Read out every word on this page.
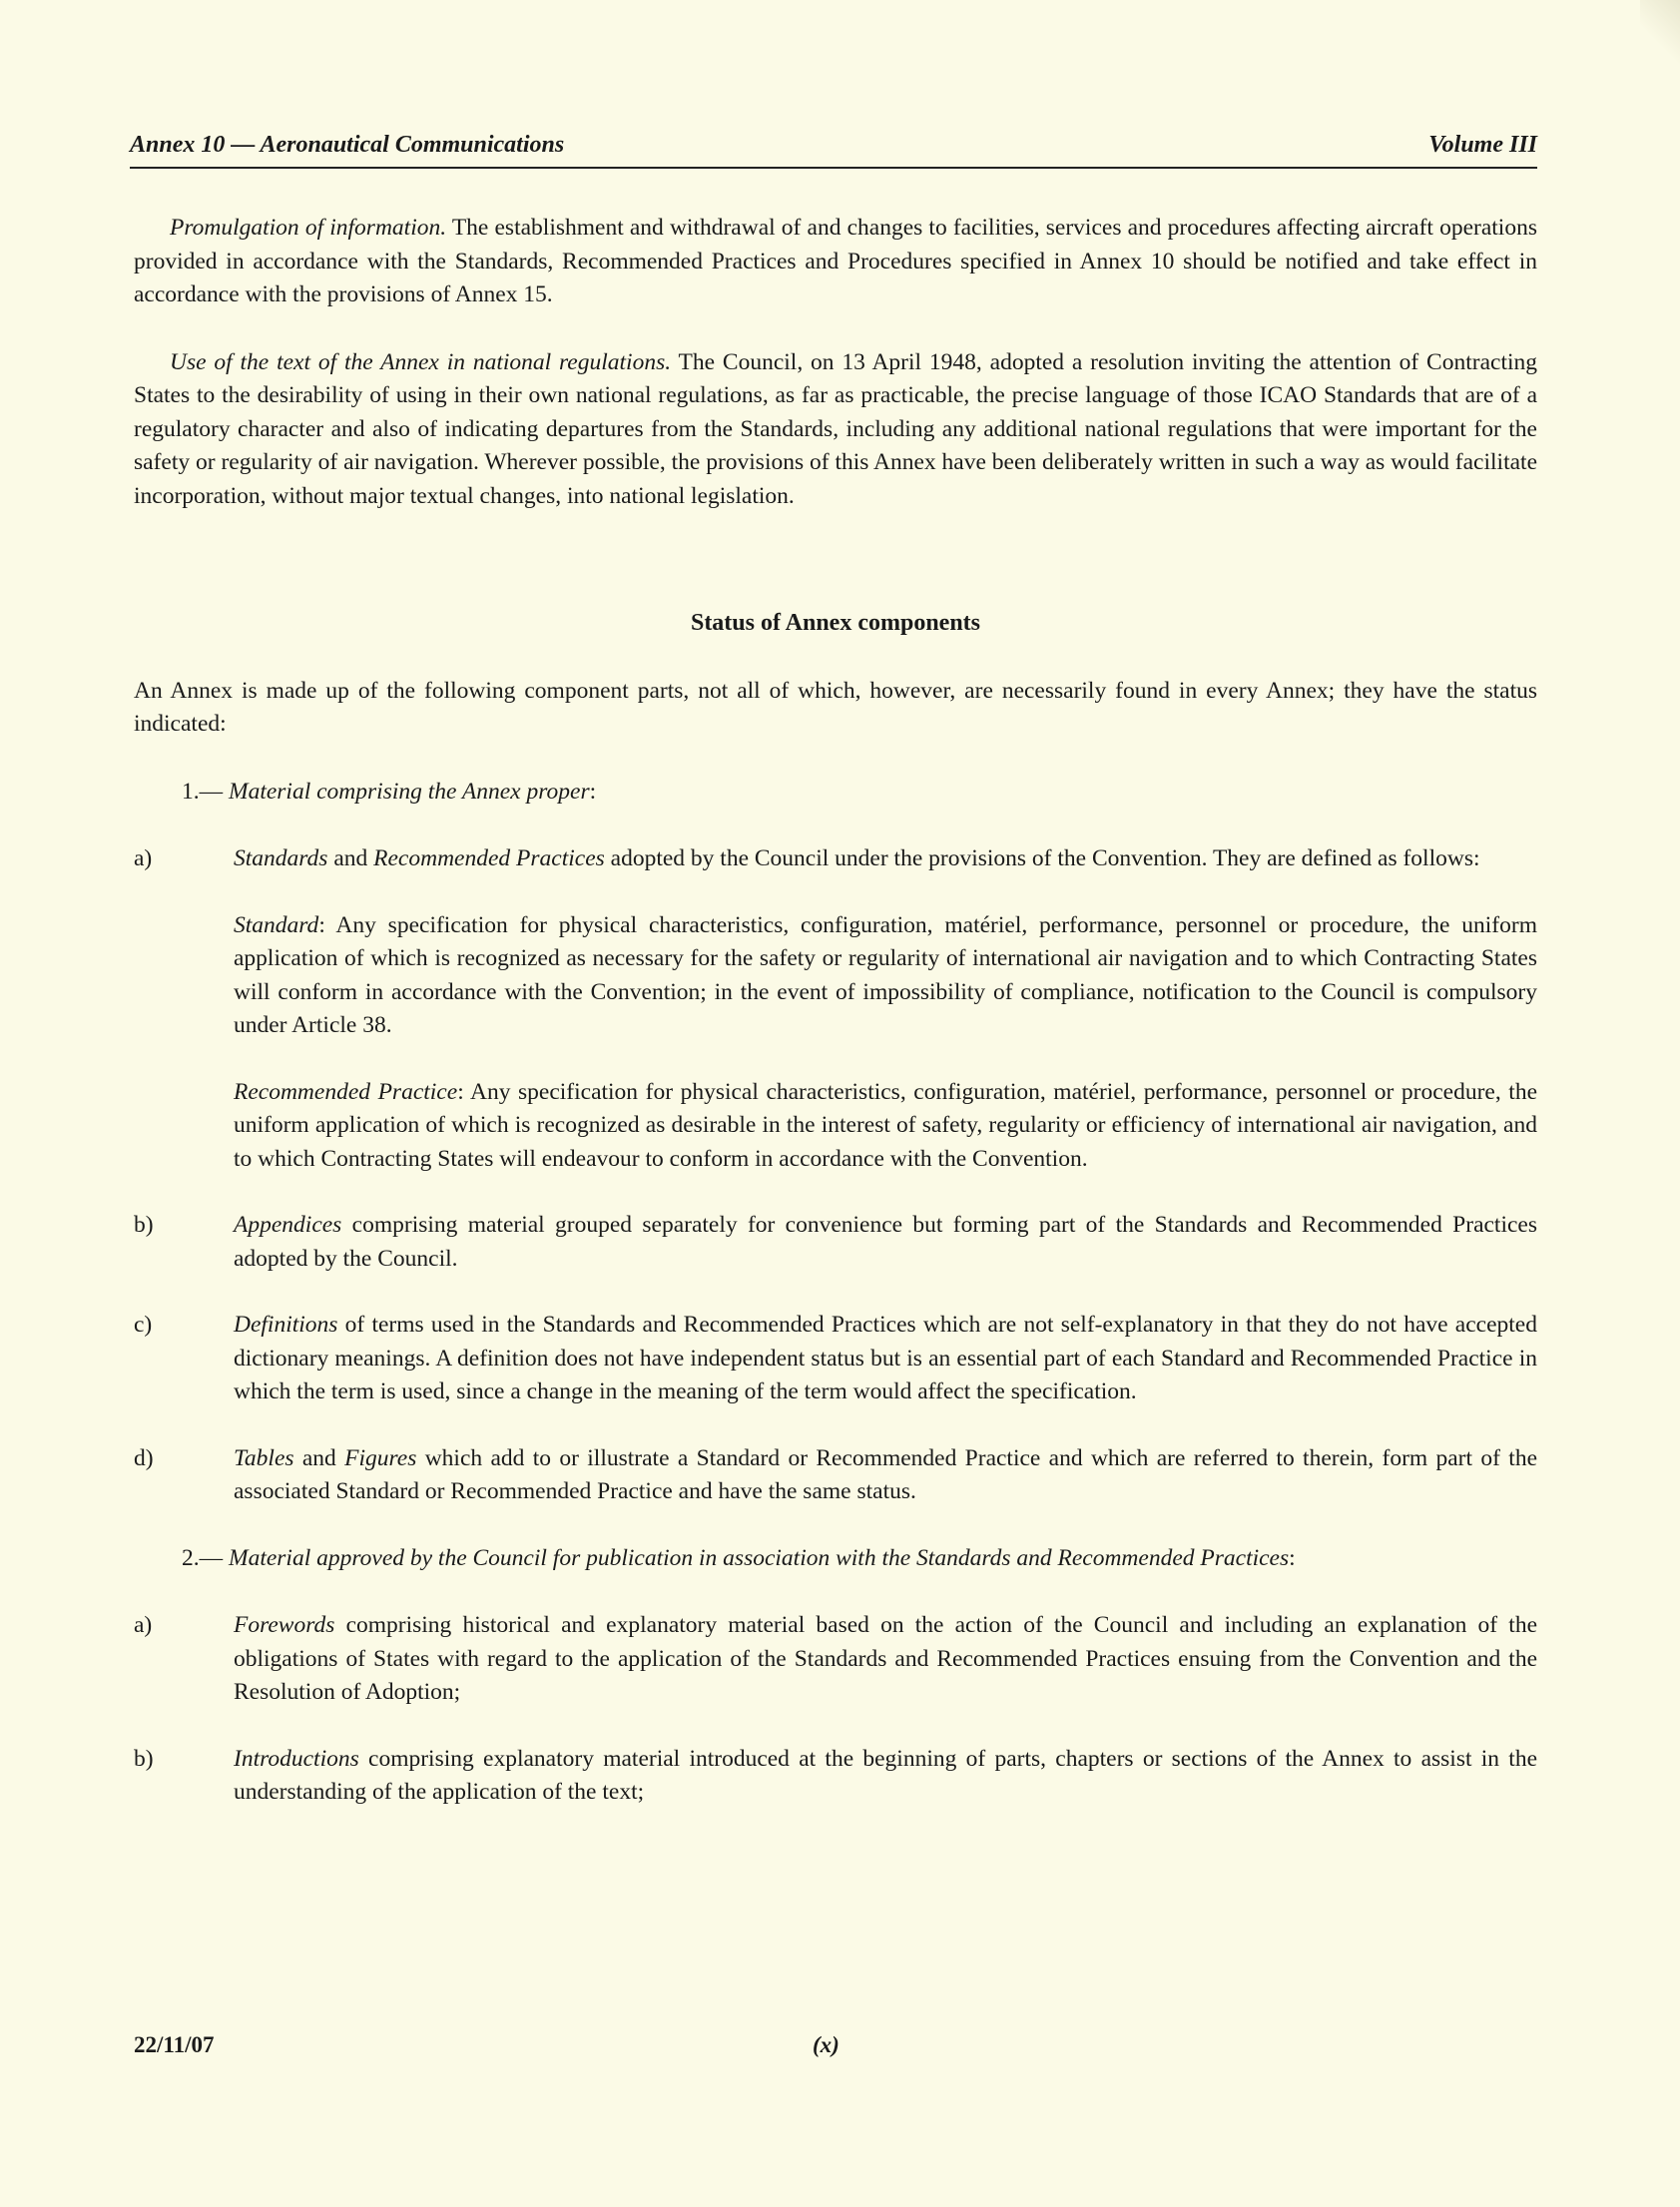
Annex 10 — Aeronautical Communications	Volume III

Promulgation of information. The establishment and withdrawal of and changes to facilities, services and procedures affecting aircraft operations provided in accordance with the Standards, Recommended Practices and Procedures specified in Annex 10 should be notified and take effect in accordance with the provisions of Annex 15.

Use of the text of the Annex in national regulations. The Council, on 13 April 1948, adopted a resolution inviting the attention of Contracting States to the desirability of using in their own national regulations, as far as practicable, the precise language of those ICAO Standards that are of a regulatory character and also of indicating departures from the Standards, including any additional national regulations that were important for the safety or regularity of air navigation. Wherever possible, the provisions of this Annex have been deliberately written in such a way as would facilitate incorporation, without major textual changes, into national legislation.

Status of Annex components

An Annex is made up of the following component parts, not all of which, however, are necessarily found in every Annex; they have the status indicated:

1.— Material comprising the Annex proper:

a)	Standards and Recommended Practices adopted by the Council under the provisions of the Convention. They are defined as follows:

Standard: Any specification for physical characteristics, configuration, matériel, performance, personnel or procedure, the uniform application of which is recognized as necessary for the safety or regularity of international air navigation and to which Contracting States will conform in accordance with the Convention; in the event of impossibility of compliance, notification to the Council is compulsory under Article 38.

Recommended Practice: Any specification for physical characteristics, configuration, matériel, performance, personnel or procedure, the uniform application of which is recognized as desirable in the interest of safety, regularity or efficiency of international air navigation, and to which Contracting States will endeavour to conform in accordance with the Convention.

b)	Appendices comprising material grouped separately for convenience but forming part of the Standards and Recommended Practices adopted by the Council.

c)	Definitions of terms used in the Standards and Recommended Practices which are not self-explanatory in that they do not have accepted dictionary meanings. A definition does not have independent status but is an essential part of each Standard and Recommended Practice in which the term is used, since a change in the meaning of the term would affect the specification.

d)	Tables and Figures which add to or illustrate a Standard or Recommended Practice and which are referred to therein, form part of the associated Standard or Recommended Practice and have the same status.

2.— Material approved by the Council for publication in association with the Standards and Recommended Practices:

a)	Forewords comprising historical and explanatory material based on the action of the Council and including an explanation of the obligations of States with regard to the application of the Standards and Recommended Practices ensuing from the Convention and the Resolution of Adoption;

b)	Introductions comprising explanatory material introduced at the beginning of parts, chapters or sections of the Annex to assist in the understanding of the application of the text;

22/11/07	(x)
